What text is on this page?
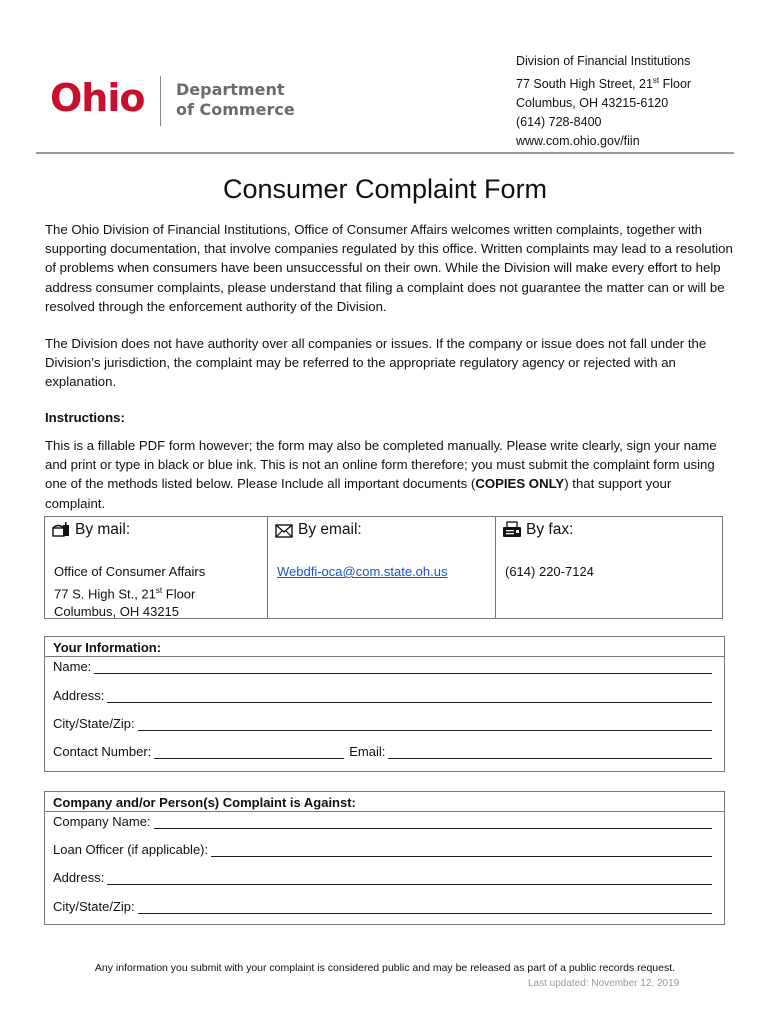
Ohio Department
of Commerce
Division of Financial Institutions
77 South High Street, 21st Floor
Columbus, OH 43215-6120
(614) 728-8400
www.com.ohio.gov/fiin
Consumer Complaint Form
The Ohio Division of Financial Institutions, Office of Consumer Affairs welcomes written complaints, together with supporting documentation, that involve companies regulated by this office. Written complaints may lead to a resolution of problems when consumers have been unsuccessful on their own. While the Division will make every effort to help address consumer complaints, please understand that filing a complaint does not guarantee the matter can or will be resolved through the enforcement authority of the Division.
The Division does not have authority over all companies or issues. If the company or issue does not fall under the Division’s jurisdiction, the complaint may be referred to the appropriate regulatory agency or rejected with an explanation.
Instructions:
This is a fillable PDF form however; the form may also be completed manually. Please write clearly, sign your name and print or type in black or blue ink. This is not an online form therefore; you must submit the complaint form using one of the methods listed below. Please Include all important documents (COPIES ONLY) that support your complaint.
By mail:
Office of Consumer Affairs
77 S. High St., 21st Floor
Columbus, OH 43215
By email:
Webdfi-oca@com.state.oh.us
By fax:
(614) 220-7124
Your Information:
Name:
Address:
City/State/Zip:
Contact Number:	Email:
Company and/or Person(s) Complaint is Against:
Company Name:
Loan Officer (if applicable):
Address:
City/State/Zip:
Any information you submit with your complaint is considered public and may be released as part of a public records request.
Last updated: November 12, 2019
